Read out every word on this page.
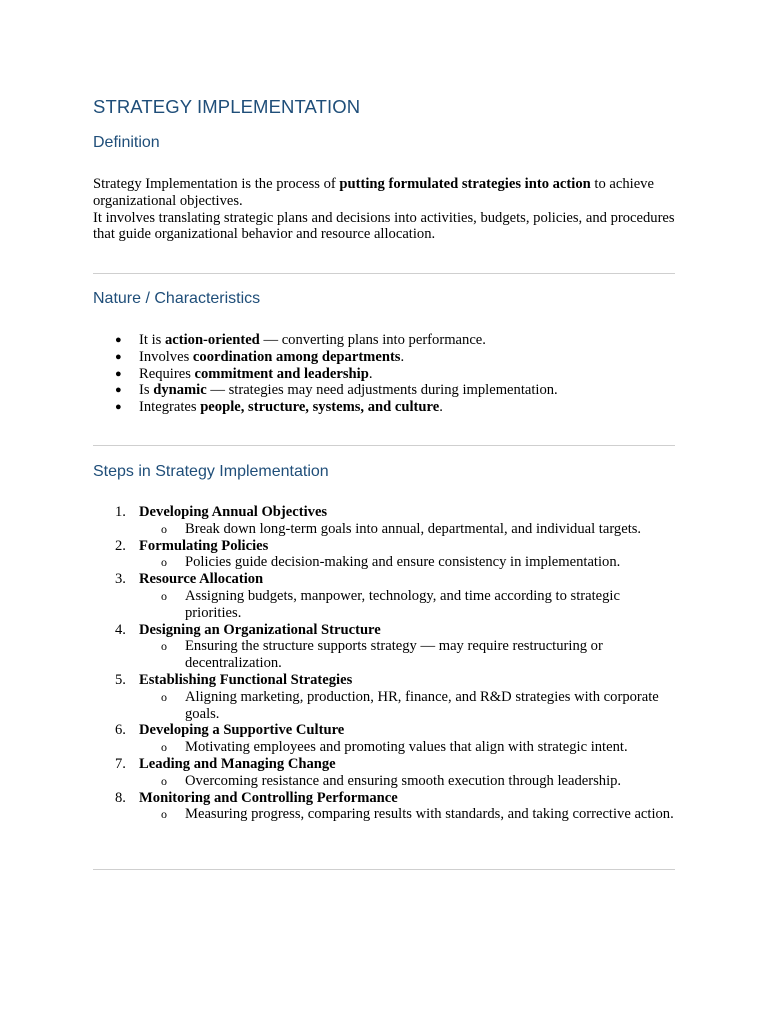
STRATEGY IMPLEMENTATION
Definition

Strategy Implementation is the process of putting formulated strategies into action to achieve organizational objectives.

It involves translating strategic plans and decisions into activities, budgets, policies, and procedures that guide organizational behavior and resource allocation.

Nature / Characteristics
● It is action-oriented — converting plans into performance.
● Involves coordination among departments.
● Requires commitment and leadership.
● Is dynamic — strategies may need adjustments during implementation.
● Integrates people, structure, systems, and culture.
Steps in Strategy Implementation
1. Developing Annual Objectives
o Break down long-term goals into annual, departmental, and individual targets.
2. Formulating Policies
o Policies guide decision-making and ensure consistency in implementation.
3. Resource Allocation
o Assigning budgets, manpower, technology, and time according to strategic priorities.
4. Designing an Organizational Structure
o Ensuring the structure supports strategy — may require restructuring or decentralization.
5. Establishing Functional Strategies
o Aligning marketing, production, HR, finance, and R&D strategies with corporate goals.
6. Developing a Supportive Culture
o Motivating employees and promoting values that align with strategic intent.
7. Leading and Managing Change
o Overcoming resistance and ensuring smooth execution through leadership.
8. Monitoring and Controlling Performance
o Measuring progress, comparing results with standards, and taking corrective action.
